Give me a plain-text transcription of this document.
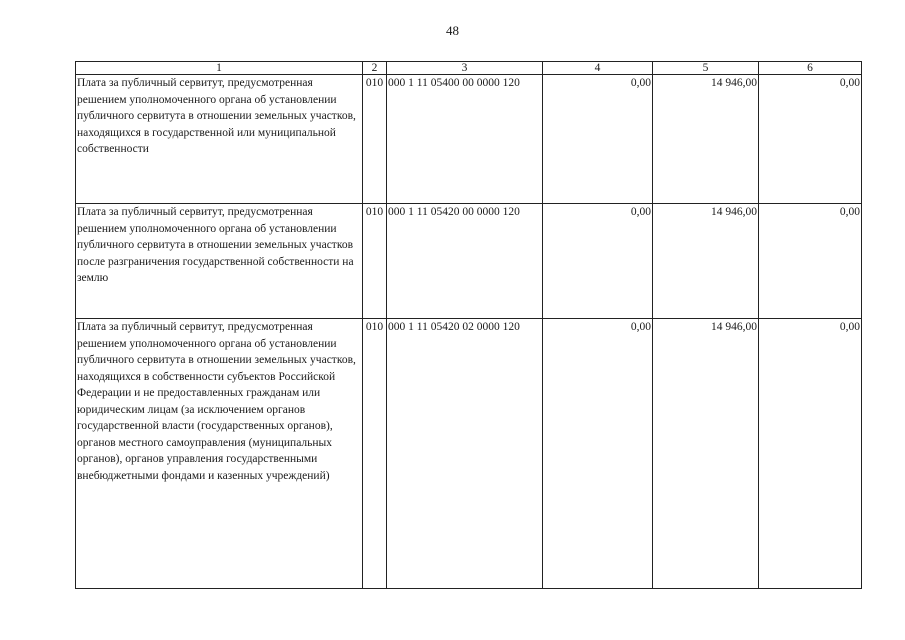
48
1	2	3	4	5	6
Плата за публичный сервитут, предусмотренная решением уполномоченного органа об установлении публичного сервитута в отношении земельных участков, находящихся в государственной или муниципальной собственности	010	000 1 11 05400 00 0000 120	0,00	14 946,00	0,00
Плата за публичный сервитут, предусмотренная решением уполномоченного органа об установлении публичного сервитута в отношении земельных участков после разграничения государственной собственности на землю	010	000 1 11 05420 00 0000 120	0,00	14 946,00	0,00
Плата за публичный сервитут, предусмотренная решением уполномоченного органа об установлении публичного сервитута в отношении земельных участков, находящихся в собственности субъектов Российской Федерации и не предоставленных гражданам или юридическим лицам (за исключением органов государственной власти (государственных органов), органов местного самоуправления (муниципальных органов), органов управления государственными внебюджетными фондами и казенных учреждений)	010	000 1 11 05420 02 0000 120	0,00	14 946,00	0,00
